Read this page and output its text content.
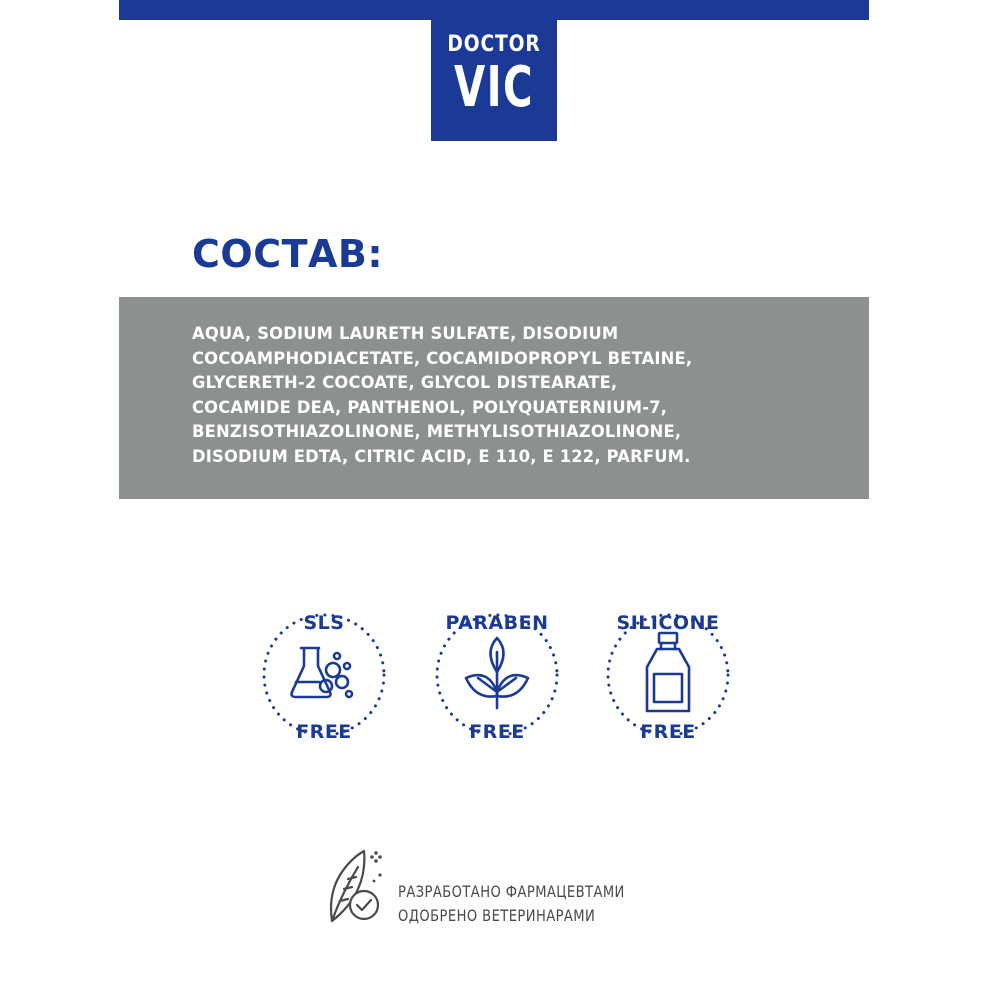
DOCTOR
VIC
СОСТАВ:
AQUA, SODIUM LAURETH SULFATE, DISODIUM
COCOAMPHODIACETATE, COCAMIDOPROPYL BETAINE,
GLYCERETH-2 COCOATE, GLYCOL DISTEARATE,
COCAMIDE DEA, PANTHENOL, POLYQUATERNIUM-7,
BENZISOTHIAZOLINONE, METHYLISOTHIAZOLINONE,
DISODIUM EDTA, CITRIC ACID, E 110, E 122, PARFUM.
SLS
FREE
PARABEN
FREE
SILICONE
FREE
РАЗРАБОТАНО ФАРМАЦЕВТАМИ
ОДОБРЕНО ВЕТЕРИНАРАМИ
